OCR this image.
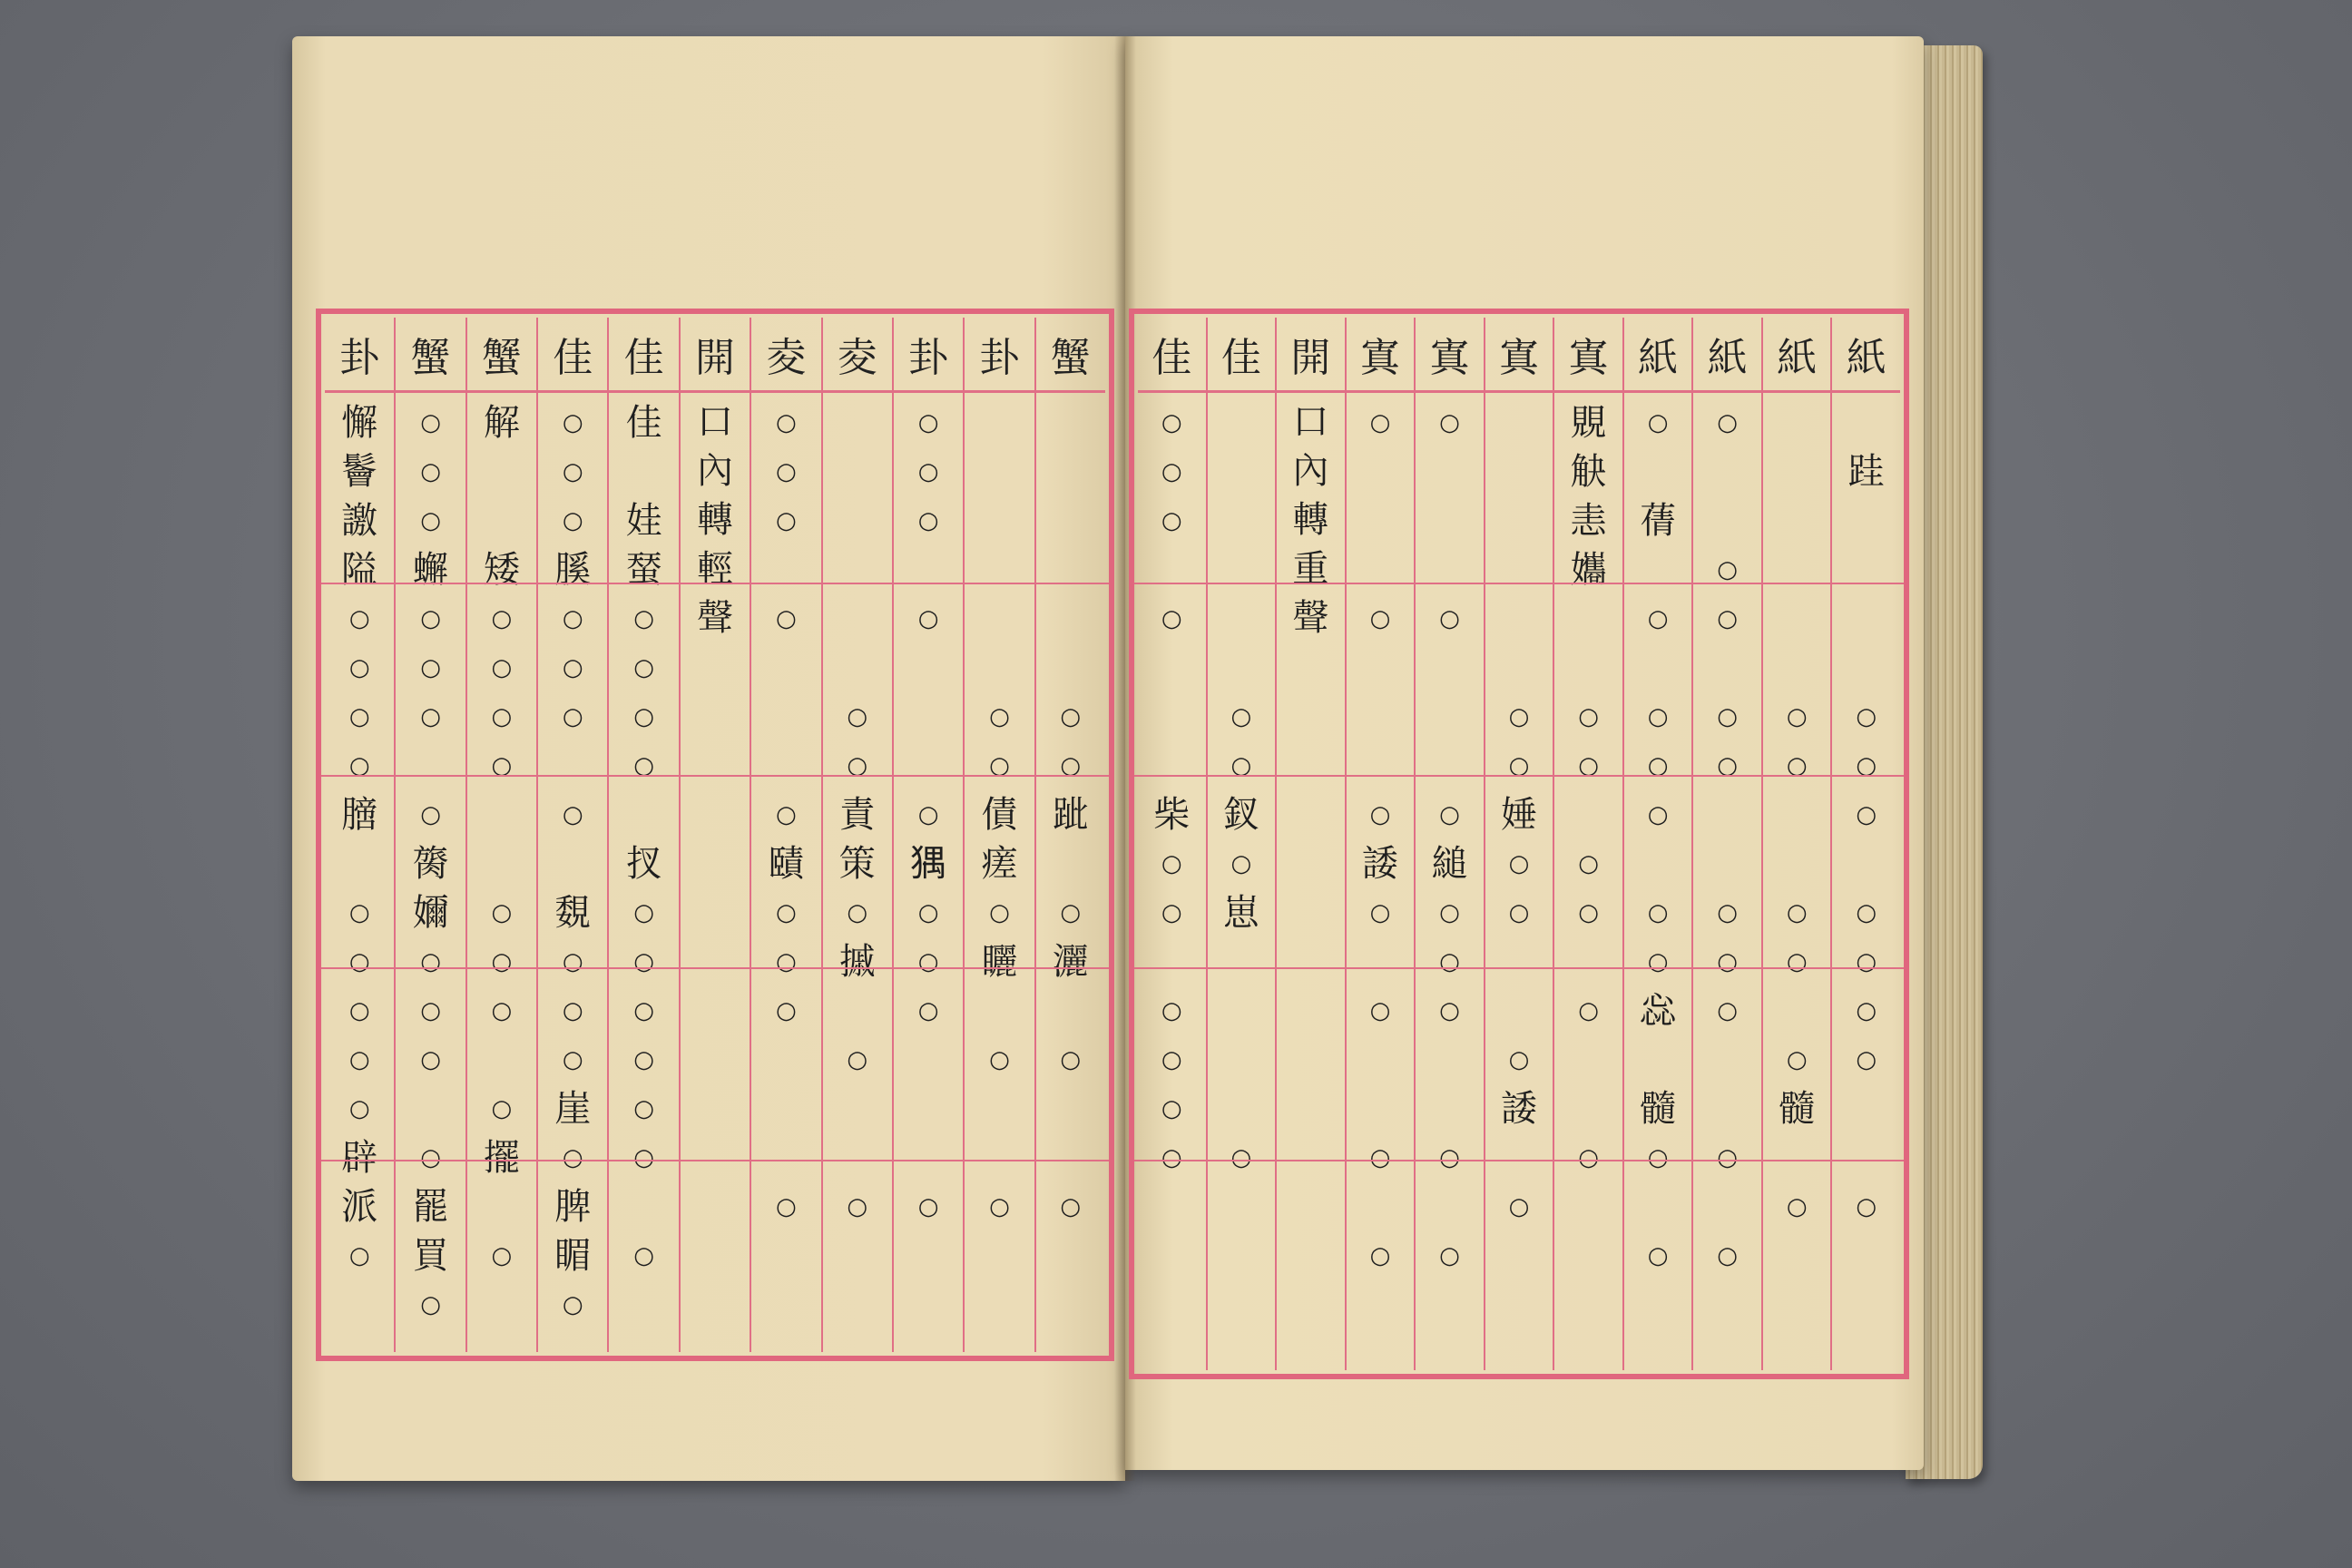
卦
懈
鬠
譤
隘
○
○
○
○
膪
○
○
○
○
○
辟
派
○
蟹
○
○
○
蠏
○
○
○
○
膐
嬭
○
○
○
○
罷
買
○
蟹
解
矮
○
○
○
○
○
○
○
○
擺
○
佳
○
○
○
膎
○
○
○
○
覣
○
○
○
崖
○
脾
睸
○
佳
佳
娃
蝅
○
○
○
○
扠
○
○
○
○
○
○
○
開
口
內
轉
輕
聲
夌
○
○
○
○
○
賾
○
○
○
○
夌
○
○
責
策
○
摵
○
○
卦
○
○
○
○
○
𤟹
○
○
○
○
卦
○
○
債
瘥
○
矖
○
○
蟹
○
○
跐
○
灑
○
○
佳
○
○
○
○
柴
○
○
○
○
○
○
佳
○
○
釵
○
崽
○
開
口
內
轉
重
聲
寘
○
○
○
諉
○
○
○
○
寘
○
○
○
縋
○
○
○
○
○
寘
○
○
娷
○
○
○
諉
○
寘
覞
觖
恚
孈
○
○
○
○
○
○
紙
○
蒨
○
○
○
○
○
○
惢
髓
○
○
紙
○
○
○
○
○
○
○
○
○
○
紙
○
○
○
○
○
髓
○
紙
跬
○
○
○
○
○
○
○
○
